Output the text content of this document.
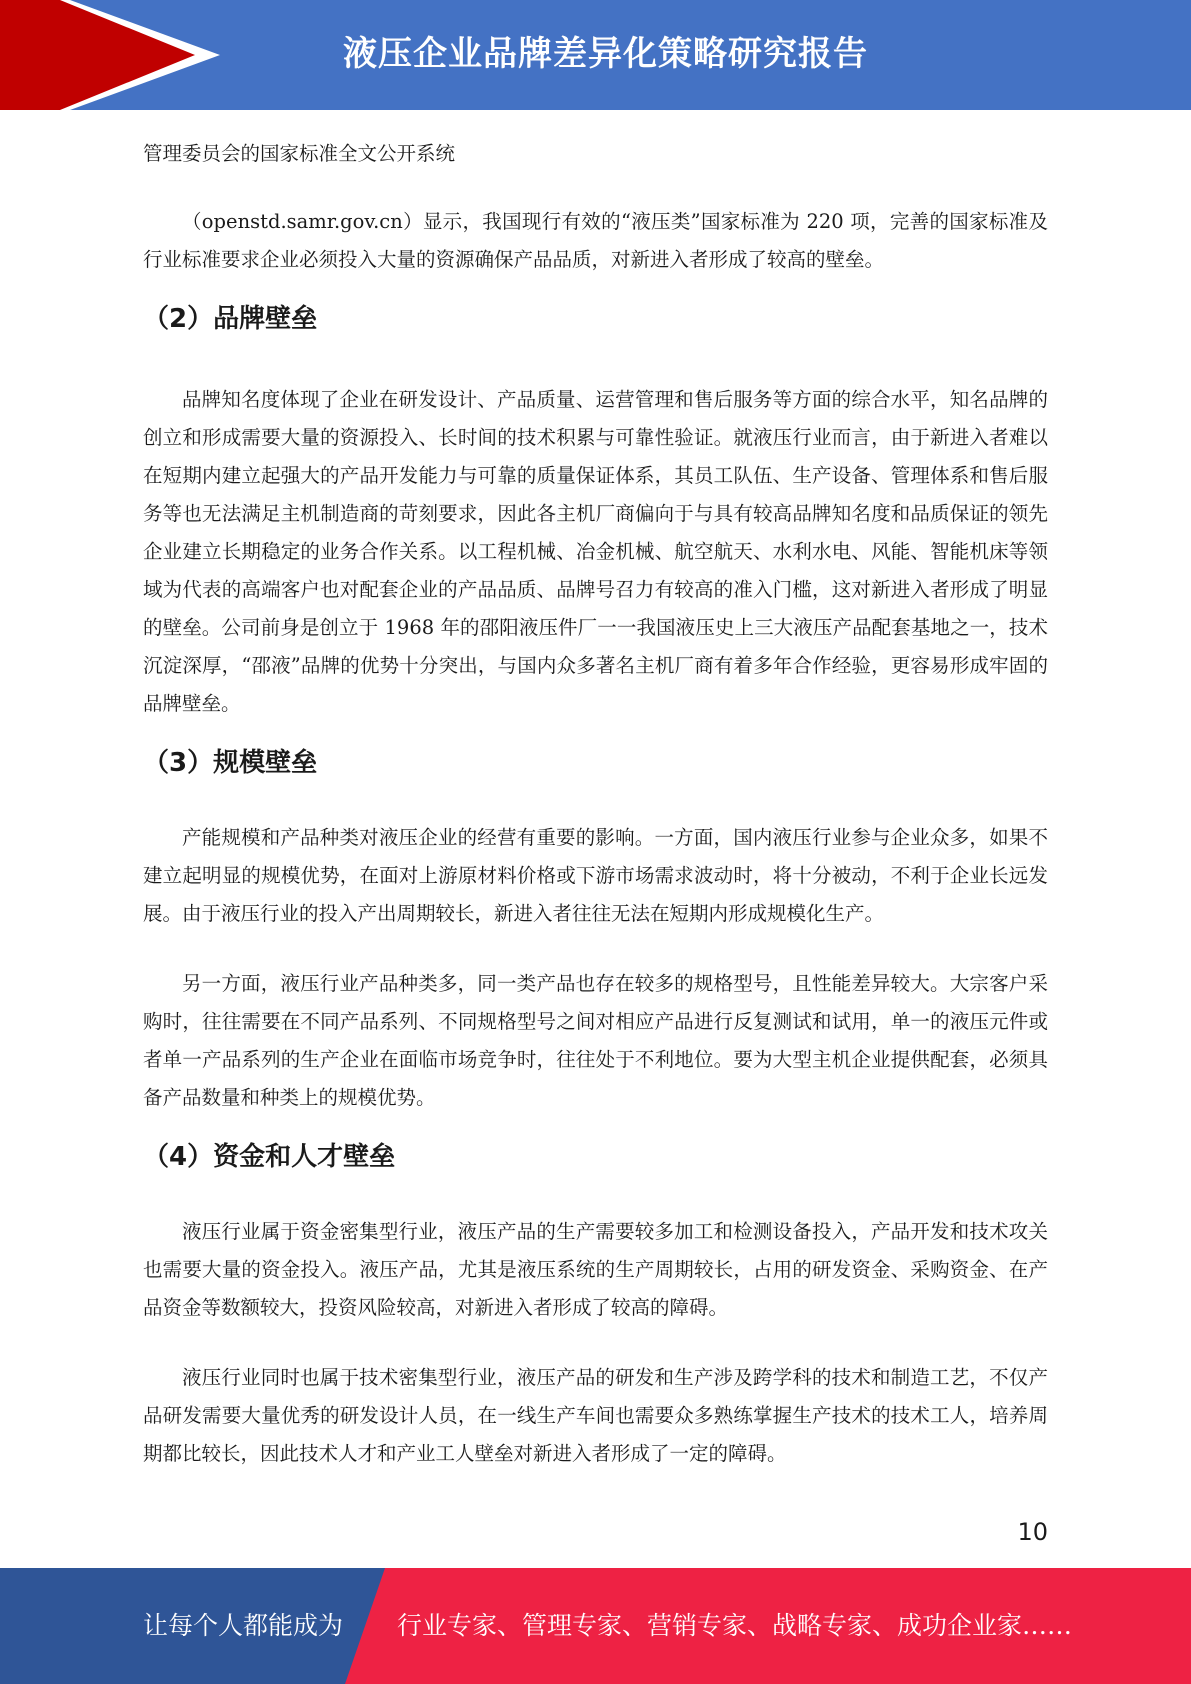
液压企业品牌差异化策略研究报告

管理委员会的国家标准全文公开系统

（openstd.samr.gov.cn）显示，我国现行有效的“液压类”国家标准为 220 项，完善的国家标准及行业标准要求企业必须投入大量的资源确保产品品质，对新进入者形成了较高的壁垒。

（2）品牌壁垒

品牌知名度体现了企业在研发设计、产品质量、运营管理和售后服务等方面的综合水平，知名品牌的创立和形成需要大量的资源投入、长时间的技术积累与可靠性验证。就液压行业而言，由于新进入者难以在短期内建立起强大的产品开发能力与可靠的质量保证体系，其员工队伍、生产设备、管理体系和售后服务等也无法满足主机制造商的苛刻要求，因此各主机厂商偏向于与具有较高品牌知名度和品质保证的领先企业建立长期稳定的业务合作关系。以工程机械、冶金机械、航空航天、水利水电、风能、智能机床等领域为代表的高端客户也对配套企业的产品品质、品牌号召力有较高的准入门槛，这对新进入者形成了明显的壁垒。公司前身是创立于 1968 年的邵阳液压件厂一一我国液压史上三大液压产品配套基地之一，技术沉淀深厚，“邵液”品牌的优势十分突出，与国内众多著名主机厂商有着多年合作经验，更容易形成牢固的品牌壁垒。

（3）规模壁垒

产能规模和产品种类对液压企业的经营有重要的影响。一方面，国内液压行业参与企业众多，如果不建立起明显的规模优势，在面对上游原材料价格或下游市场需求波动时，将十分被动，不利于企业长远发展。由于液压行业的投入产出周期较长，新进入者往往无法在短期内形成规模化生产。

另一方面，液压行业产品种类多，同一类产品也存在较多的规格型号，且性能差异较大。大宗客户采购时，往往需要在不同产品系列、不同规格型号之间对相应产品进行反复测试和试用，单一的液压元件或者单一产品系列的生产企业在面临市场竞争时，往往处于不利地位。要为大型主机企业提供配套，必须具备产品数量和种类上的规模优势。

（4）资金和人才壁垒

液压行业属于资金密集型行业，液压产品的生产需要较多加工和检测设备投入，产品开发和技术攻关也需要大量的资金投入。液压产品，尤其是液压系统的生产周期较长，占用的研发资金、采购资金、在产品资金等数额较大，投资风险较高，对新进入者形成了较高的障碍。

液压行业同时也属于技术密集型行业，液压产品的研发和生产涉及跨学科的技术和制造工艺，不仅产品研发需要大量优秀的研发设计人员，在一线生产车间也需要众多熟练掌握生产技术的技术工人，培养周期都比较长，因此技术人才和产业工人壁垒对新进入者形成了一定的障碍。

10
让每个人都能成为 行业专家、管理专家、营销专家、战略专家、成功企业家……
